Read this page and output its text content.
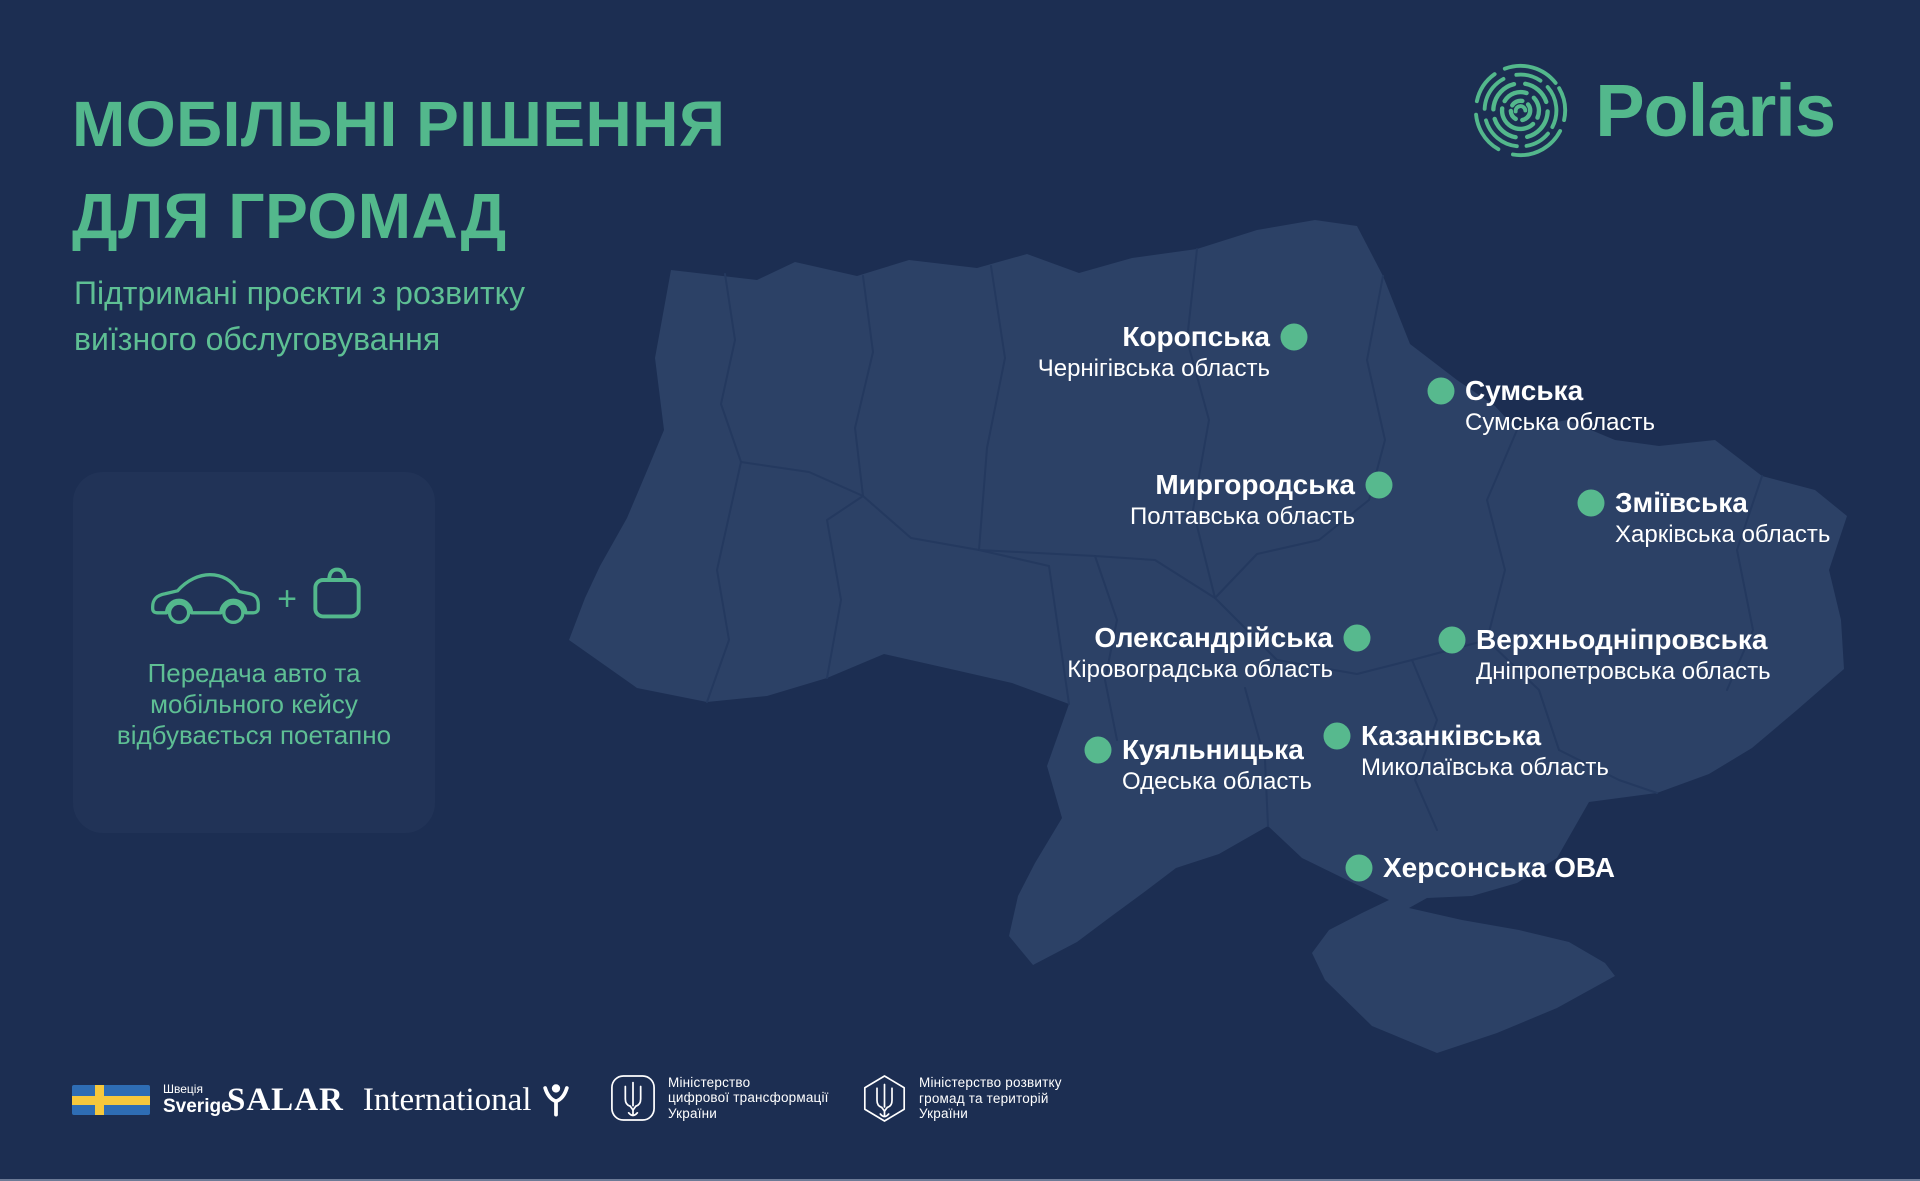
Коропська
Чернігівська область
Сумська
Сумська область
Миргородська
Полтавська область	Зміївська
Харківська область
Олександрійська
Кіровоградська область
Верхньодніпровська
Дніпропетровська область
Казанківська
Миколаївська область
Куяльницька
Одеська область
Херсонська ОВА
МОБІЛЬНІ РІШЕННЯ
ДЛЯ ГРОМАД
Підтримані проєкти з розвитку
виїзного обслуговування
Polaris
+
Передача авто та
мобільного кейсу
відбувається поетапно
Швеція
Sverige
SALAR International	Міністерство
цифрової трансформації
України
Міністерство розвитку
громад та територій
України
